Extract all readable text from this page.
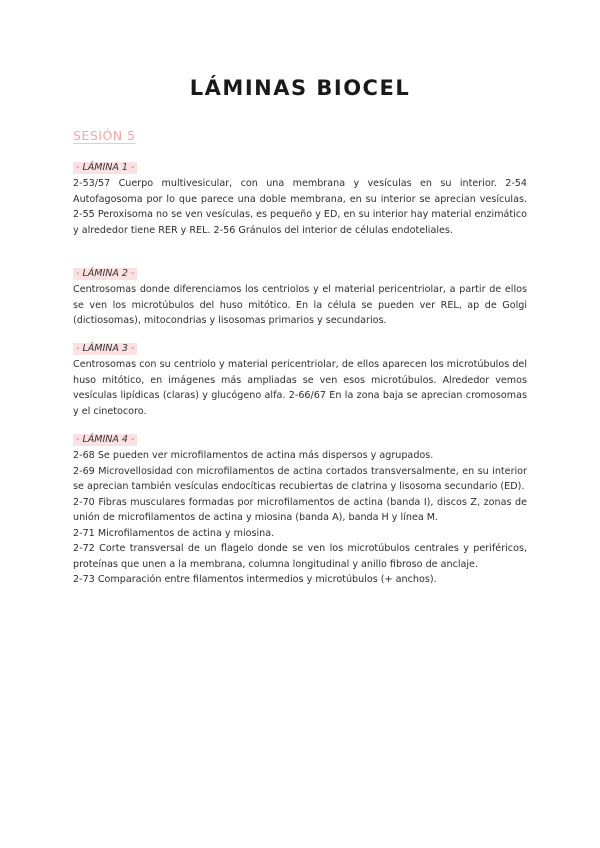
LÁMINAS BIOCEL
SESIÓN 5
- LÁMINA 1 -

2-53/57 Cuerpo multivesicular, con una membrana y vesículas en su interior. 2-54 Autofagosoma por lo que parece una doble membrana, en su interior se aprecian vesículas. 2-55 Peroxisoma no se ven vesículas, es pequeño y ED, en su interior hay material enzimático y alrededor tiene RER y REL. 2-56 Gránulos del interior de células endoteliales.

- LÁMINA 2 -

Centrosomas donde diferenciamos los centriolos y el material pericentriolar, a partir de ellos se ven los microtúbulos del huso mitótico. En la célula se pueden ver REL, ap de Golgi (dictiosomas), mitocondrias y lisosomas primarios y secundarios.

- LÁMINA 3 -

Centrosomas con su centriolo y material pericentriolar, de ellos aparecen los microtúbulos del huso mitótico, en imágenes más ampliadas se ven esos microtúbulos. Alrededor vemos vesículas lipídicas (claras) y glucógeno alfa. 2-66/67 En la zona baja se aprecian cromosomas y el cinetocoro.

- LÁMINA 4 -

2-68 Se pueden ver microfilamentos de actina más dispersos y agrupados.

2-69 Microvellosidad con microfilamentos de actina cortados transversalmente, en su interior se aprecian también vesículas endocíticas recubiertas de clatrina y lisosoma secundario (ED).

2-70 Fibras musculares formadas por microfilamentos de actina (banda I), discos Z, zonas de unión de microfilamentos de actina y miosina (banda A), banda H y línea M.

2-71 Microfilamentos de actina y miosina.

2-72 Corte transversal de un flagelo donde se ven los microtúbulos centrales y periféricos, proteínas que unen a la membrana, columna longitudinal y anillo fibroso de anclaje.

2-73 Comparación entre filamentos intermedios y microtúbulos (+ anchos).
